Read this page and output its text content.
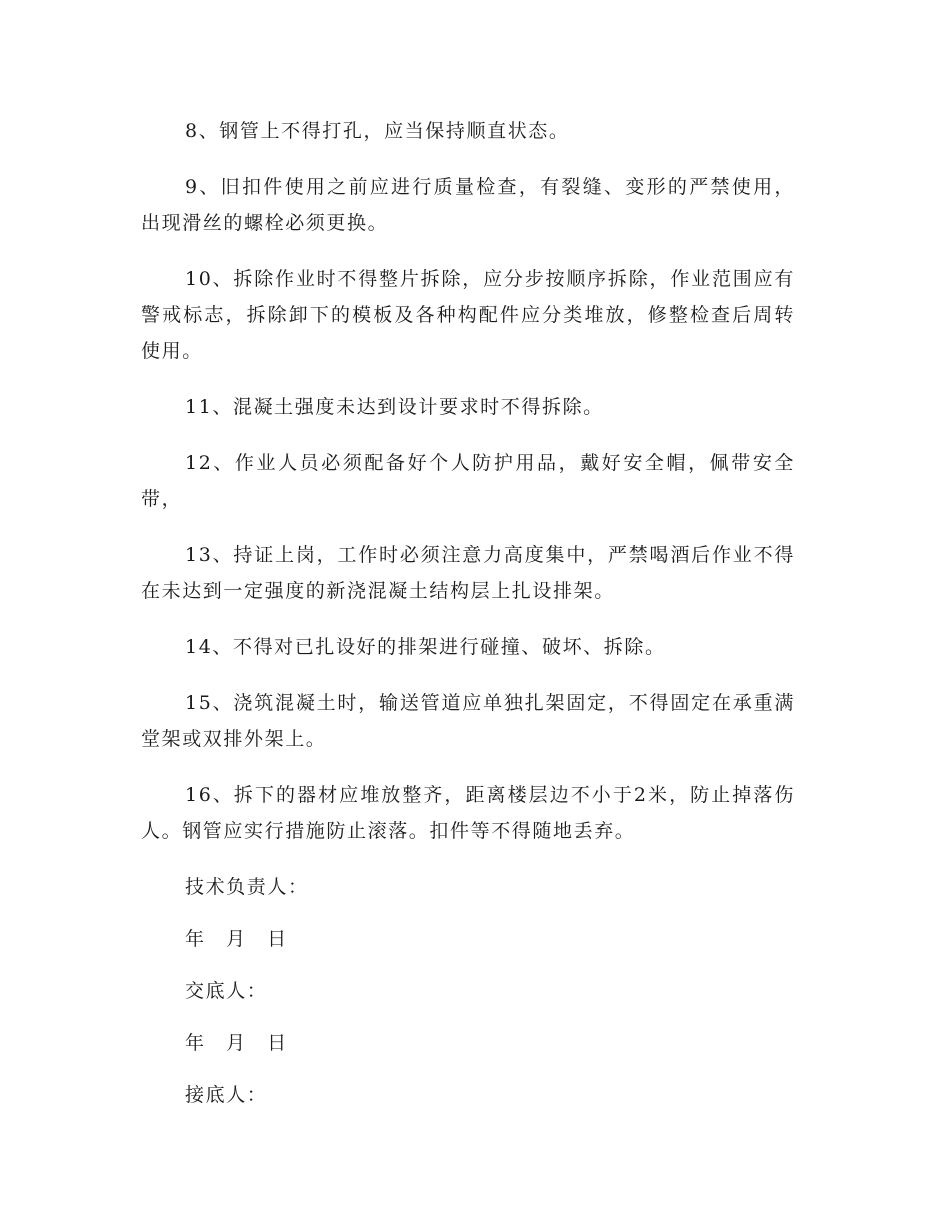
8、钢管上不得打孔，应当保持顺直状态。

9、旧扣件使用之前应进行质量检查，有裂缝、变形的严禁使用，出现滑丝的螺栓必须更换。

10、拆除作业时不得整片拆除，应分步按顺序拆除，作业范围应有警戒标志，拆除卸下的模板及各种构配件应分类堆放，修整检查后周转使用。

11、混凝土强度未达到设计要求时不得拆除。

12、作业人员必须配备好个人防护用品，戴好安全帽，佩带安全带，

13、持证上岗，工作时必须注意力高度集中，严禁喝酒后作业不得在未达到一定强度的新浇混凝土结构层上扎设排架。

14、不得对已扎设好的排架进行碰撞、破坏、拆除。

15、浇筑混凝土时，输送管道应单独扎架固定，不得固定在承重满堂架或双排外架上。

16、拆下的器材应堆放整齐，距离楼层边不小于2米，防止掉落伤人。钢管应实行措施防止滚落。扣件等不得随地丢弃。

技术负责人：

年 月 日

交底人：

年 月 日

接底人：
